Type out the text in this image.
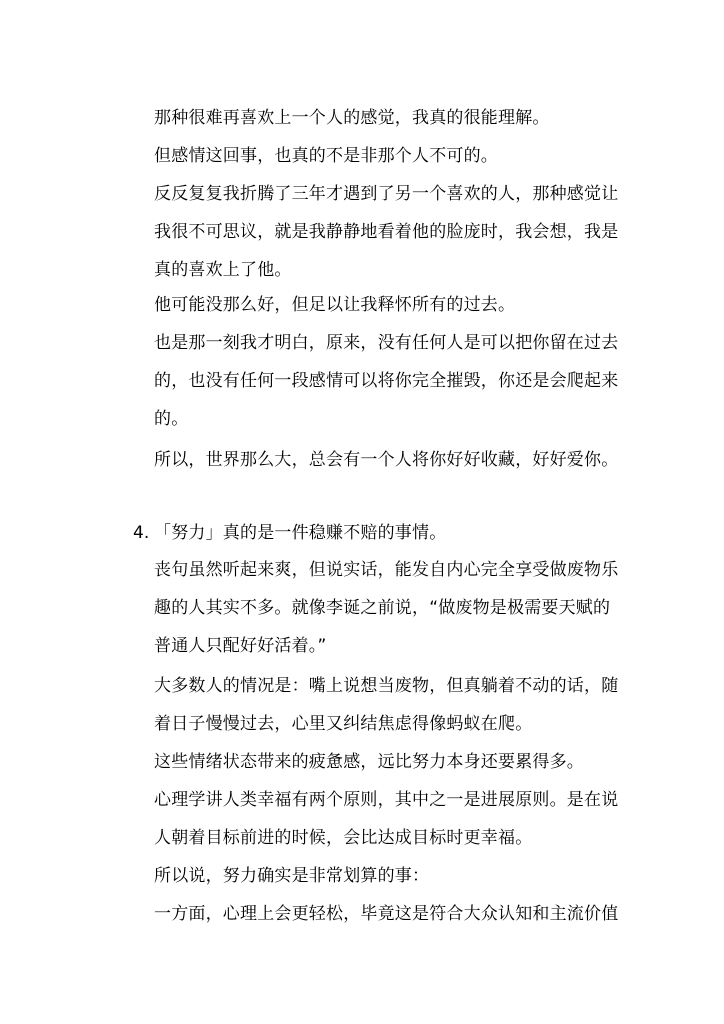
那种很难再喜欢上一个人的感觉，我真的很能理解。
但感情这回事，也真的不是非那个人不可的。
反反复复我折腾了三年才遇到了另一个喜欢的人，那种感觉让
我很不可思议，就是我静静地看着他的脸庞时，我会想，我是
真的喜欢上了他。
他可能没那么好，但足以让我释怀所有的过去。
也是那一刻我才明白，原来，没有任何人是可以把你留在过去
的，也没有任何一段感情可以将你完全摧毁，你还是会爬起来
的。
所以，世界那么大，总会有一个人将你好好收藏，好好爱你。
4. 「努力」真的是一件稳赚不赔的事情。
丧句虽然听起来爽，但说实话，能发自内心完全享受做废物乐
趣的人其实不多。就像李诞之前说，“做废物是极需要天赋的
普通人只配好好活着。”
大多数人的情况是：嘴上说想当废物，但真躺着不动的话，随
着日子慢慢过去，心里又纠结焦虑得像蚂蚁在爬。
这些情绪状态带来的疲惫感，远比努力本身还要累得多。
心理学讲人类幸福有两个原则，其中之一是进展原则。是在说
人朝着目标前进的时候，会比达成目标时更幸福。
所以说，努力确实是非常划算的事：
一方面，心理上会更轻松，毕竟这是符合大众认知和主流价值
